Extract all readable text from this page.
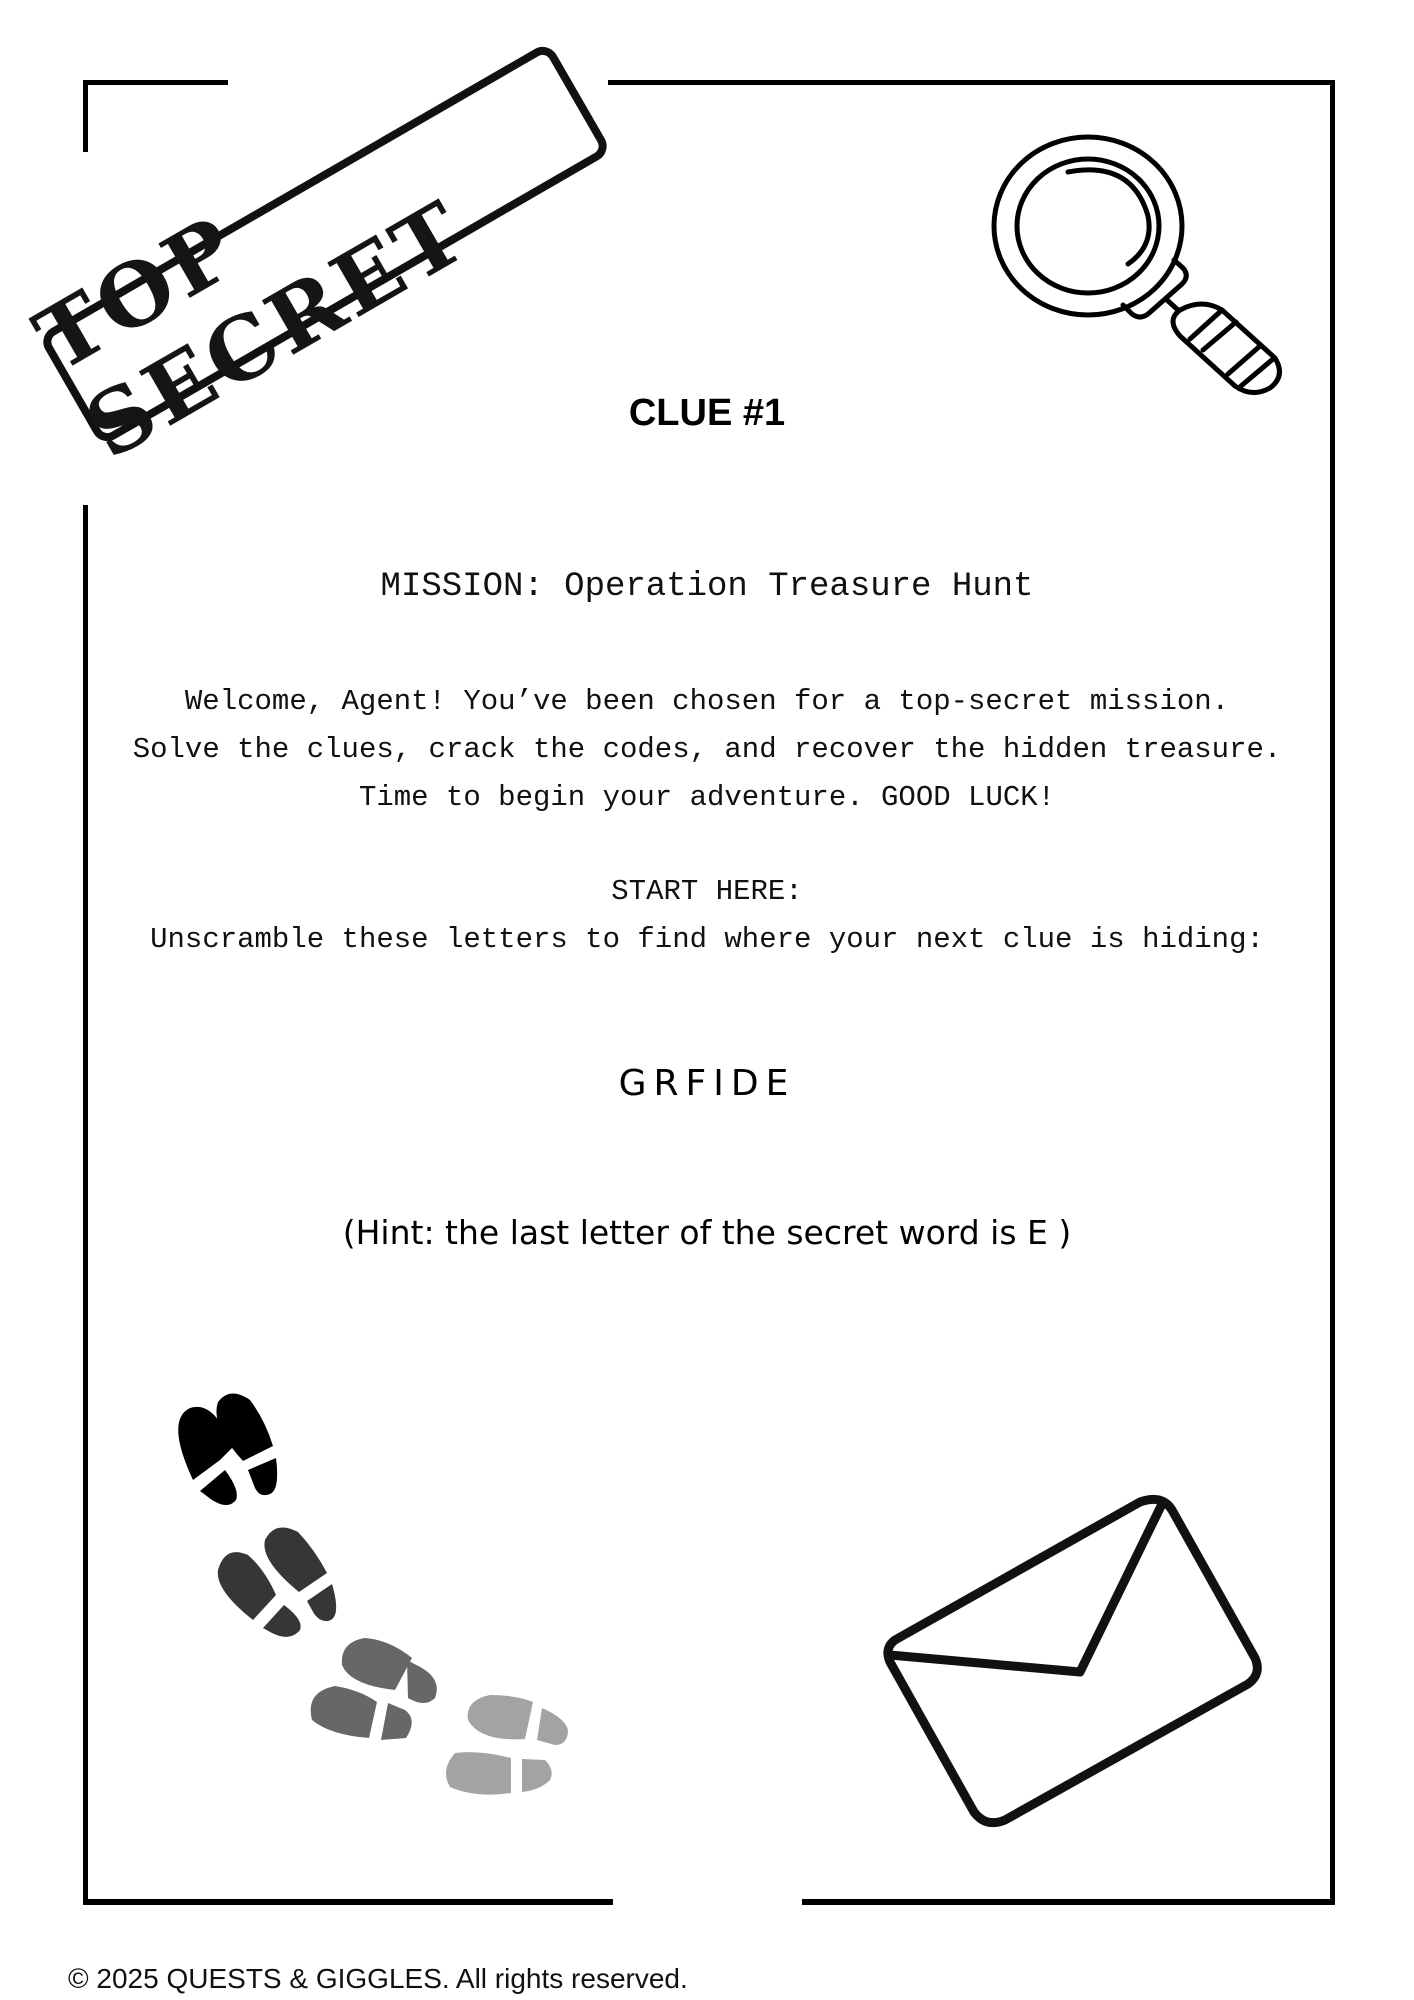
TOP SECRET	CLUE #1
MISSION: Operation Treasure Hunt
Welcome, Agent! You’ve been chosen for a top-secret mission.
Solve the clues, crack the codes, and recover the hidden treasure.
Time to begin your adventure. GOOD LUCK!
START HERE:
Unscramble these letters to find where your next clue is hiding:
GRFIDE
(Hint: the last letter of the secret word is E )
© 2025 QUESTS & GIGGLES. All rights reserved.
